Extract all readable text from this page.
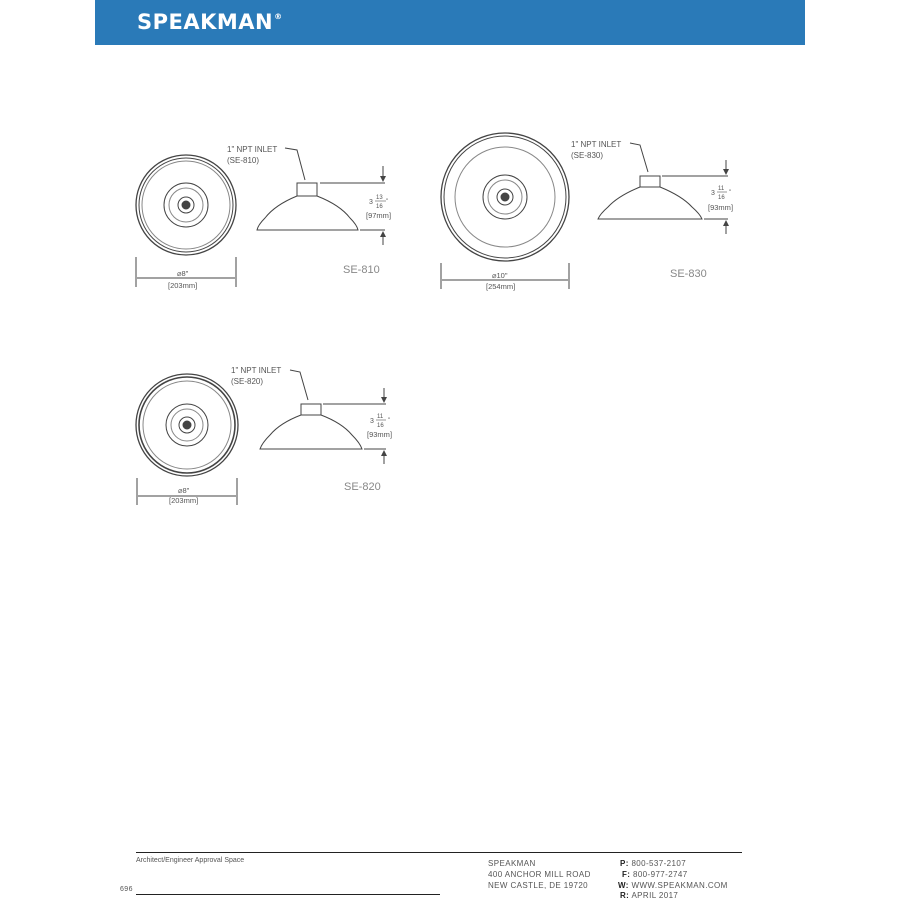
SPEAKMAN®
1" NPT INLET
(SE-810)
3
13
16
"
[97mm]
⌀8"
[203mm]
SE-810
1" NPT INLET
(SE-830)
3
11
16
"
[93mm]
⌀10"
[254mm]
SE-830
1" NPT INLET
(SE-820)
3
11
16
"
[93mm]
⌀8"
[203mm]
SE-820
Architect/Engineer Approval Space
696
SPEAKMAN
400 ANCHOR MILL ROAD
NEW CASTLE, DE 19720
P: 800-537-2107
F: 800-977-2747
W: WWW.SPEAKMAN.COM
R: APRIL 2017
